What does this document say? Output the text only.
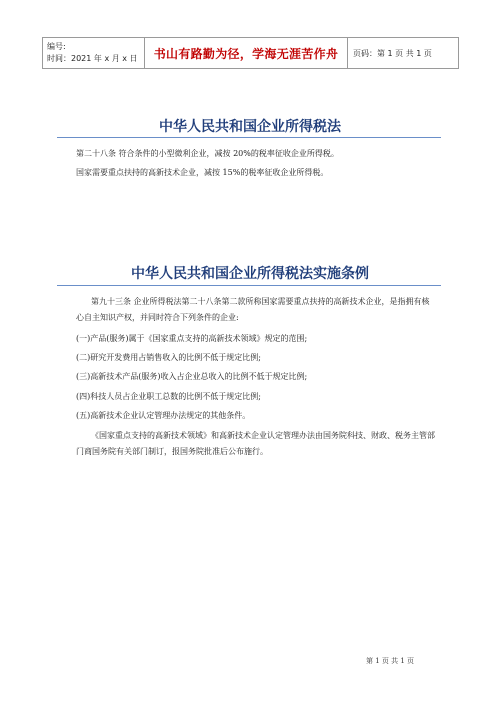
编号:
时间：2021 年 x 月 x 日	书山有路勤为径，学海无涯苦作舟	页码：第 1 页 共 1 页
中华人民共和国企业所得税法
第二十八条 符合条件的小型微利企业，减按 20%的税率征收企业所得税。
国家需要重点扶持的高新技术企业，减按 15%的税率征收企业所得税。
中华人民共和国企业所得税法实施条例
第九十三条 企业所得税法第二十八条第二款所称国家需要重点扶持的高新技术企业，是指拥有核心自主知识产权，并同时符合下列条件的企业:
(一)产品(服务)属于《国家重点支持的高新技术领域》规定的范围;
(二)研究开发费用占销售收入的比例不低于规定比例;
(三)高新技术产品(服务)收入占企业总收入的比例不低于规定比例;
(四)科技人员占企业职工总数的比例不低于规定比例;
(五)高新技术企业认定管理办法规定的其他条件。
《国家重点支持的高新技术领域》和高新技术企业认定管理办法由国务院科技、财政、税务主管部门商国务院有关部门制订，报国务院批准后公布施行。
第 1 页 共 1 页
